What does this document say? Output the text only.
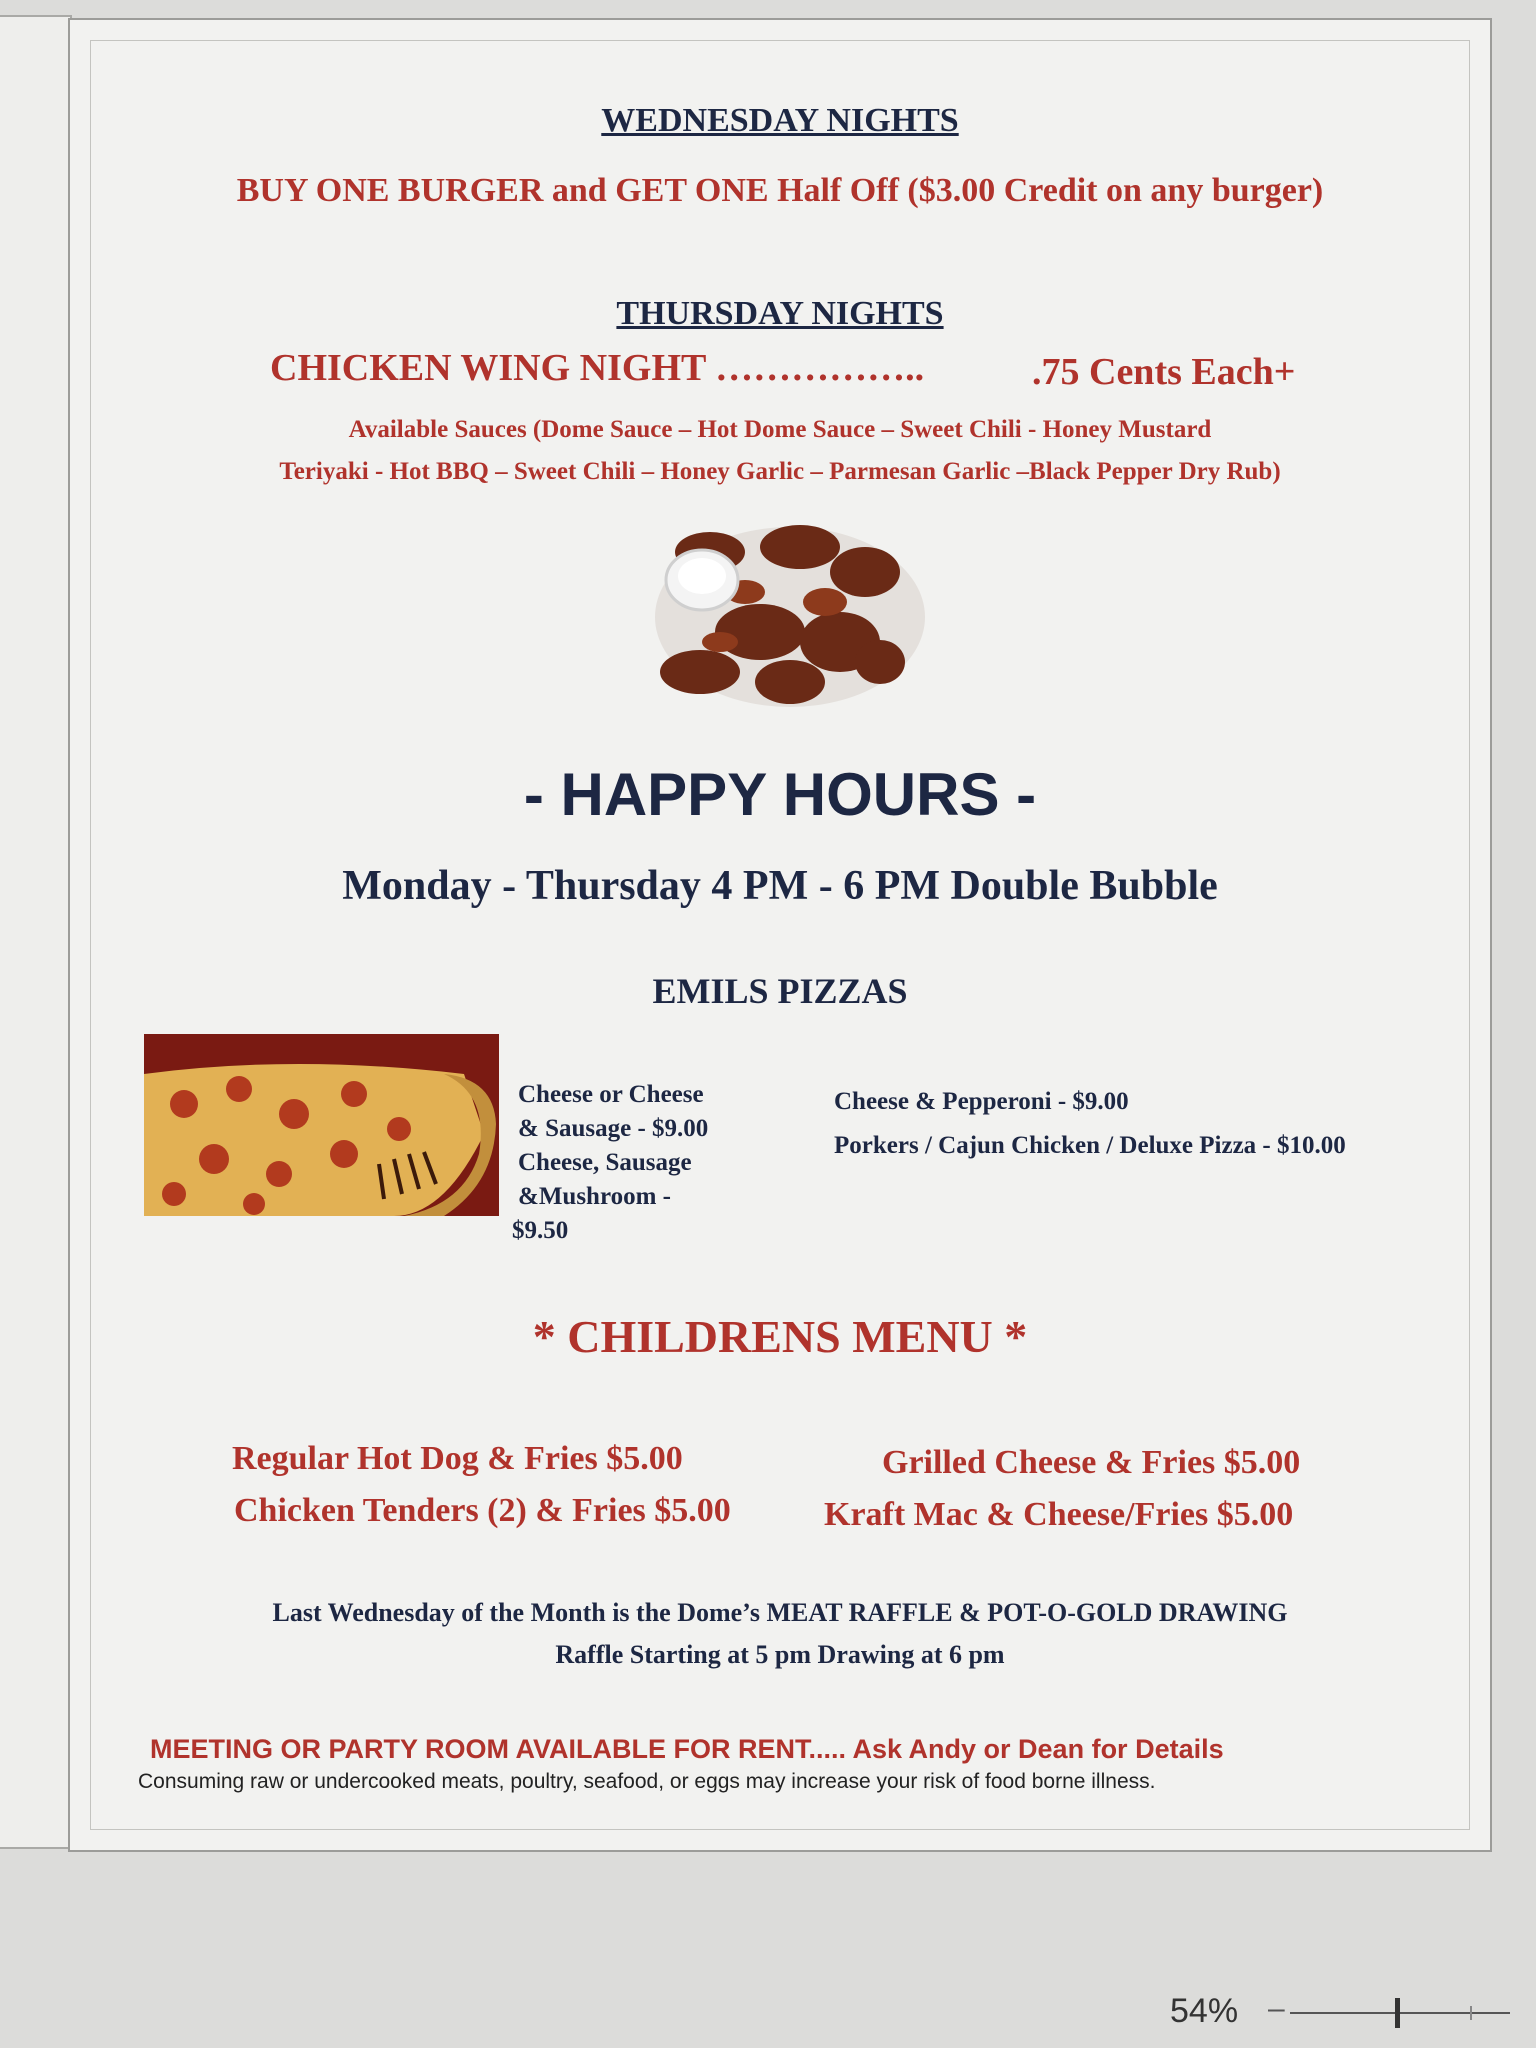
WEDNESDAY NIGHTS
BUY ONE BURGER and GET ONE Half Off ($3.00 Credit on any burger)
THURSDAY NIGHTS
CHICKEN WING NIGHT ……………..	.75 Cents Each+
Available Sauces (Dome Sauce – Hot Dome Sauce – Sweet Chili - Honey Mustard
Teriyaki - Hot BBQ – Sweet Chili – Honey Garlic – Parmesan Garlic –Black Pepper Dry Rub)
- HAPPY HOURS -
Monday - Thursday 4 PM - 6 PM Double Bubble
EMILS PIZZAS
Cheese or Cheese
& Sausage - $9.00
Cheese, Sausage
&Mushroom -
$9.50
Cheese & Pepperoni - $9.00
Porkers / Cajun Chicken / Deluxe Pizza - $10.00
* CHILDRENS MENU *
Regular Hot Dog & Fries $5.00	Grilled Cheese & Fries $5.00
Chicken Tenders (2) & Fries $5.00	Kraft Mac & Cheese/Fries $5.00
Last Wednesday of the Month is the Dome’s MEAT RAFFLE & POT-O-GOLD DRAWING
Raffle Starting at 5 pm Drawing at 6 pm
MEETING OR PARTY ROOM AVAILABLE FOR RENT..... Ask Andy or Dean for Details
Consuming raw or undercooked meats, poultry, seafood, or eggs may increase your risk of food borne illness.
54% –
